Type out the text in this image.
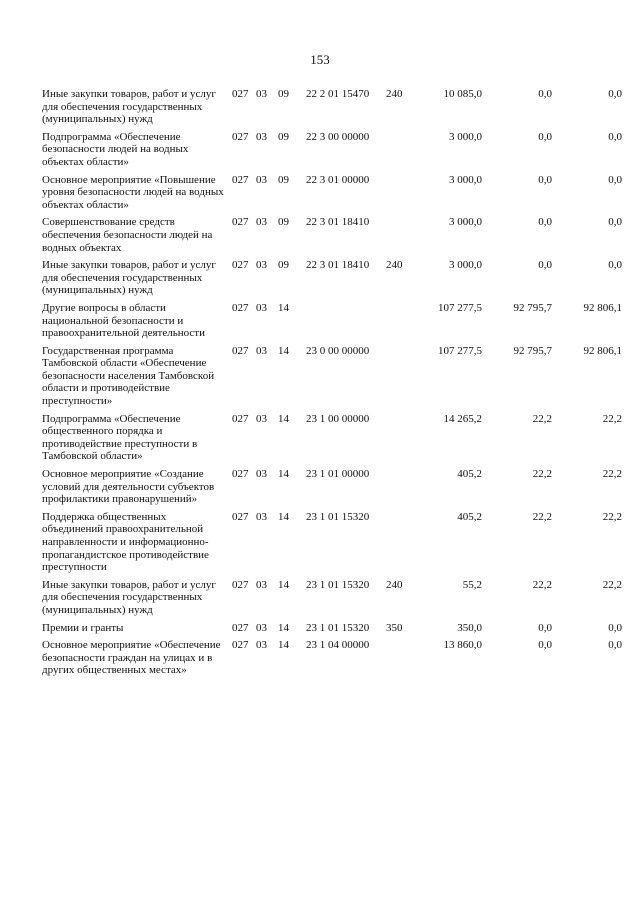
153
Иные закупки товаров, работ и услуг для обеспечения государственных (муниципальных) нужд	027	03	09	22 2 01 15470	240	10 085,0	0,0	0,0
Подпрограмма «Обеспечение безопасности людей на водных объектах области»	027	03	09	22 3 00 00000		3 000,0	0,0	0,0
Основное мероприятие «Повышение уровня безопасности людей на водных объектах области»	027	03	09	22 3 01 00000		3 000,0	0,0	0,0
Совершенствование средств обеспечения безопасности людей на водных объектах	027	03	09	22 3 01 18410		3 000,0	0,0	0,0
Иные закупки товаров, работ и услуг для обеспечения государственных (муниципальных) нужд	027	03	09	22 3 01 18410	240	3 000,0	0,0	0,0
Другие вопросы в области национальной безопасности и правоохранительной деятельности	027	03	14			107 277,5	92 795,7	92 806,1
Государственная программа Тамбовской области «Обеспечение безопасности населения Тамбовской области и противодействие преступности»	027	03	14	23 0 00 00000		107 277,5	92 795,7	92 806,1
Подпрограмма «Обеспечение общественного порядка и противодействие преступности в Тамбовской области»	027	03	14	23 1 00 00000		14 265,2	22,2	22,2
Основное мероприятие «Создание условий для деятельности субъектов профилактики правонарушений»	027	03	14	23 1 01 00000		405,2	22,2	22,2
Поддержка общественных объединений правоохранительной направленности и информационно-пропагандистское противодействие преступности	027	03	14	23 1 01 15320		405,2	22,2	22,2
Иные закупки товаров, работ и услуг для обеспечения государственных (муниципальных) нужд	027	03	14	23 1 01 15320	240	55,2	22,2	22,2
Премии и гранты	027	03	14	23 1 01 15320	350	350,0	0,0	0,0
Основное мероприятие «Обеспечение безопасности граждан на улицах и в других общественных местах»	027	03	14	23 1 04 00000		13 860,0	0,0	0,0
